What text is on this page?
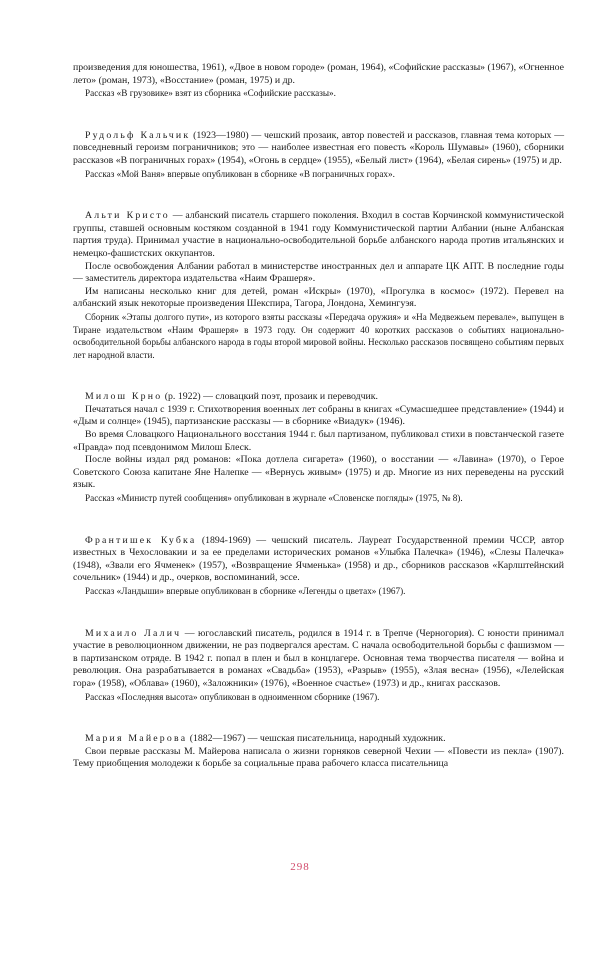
произведения для юношества, 1961), «Двое в новом городе» (роман, 1964), «Софийские рассказы» (1967), «Огненное лето» (роман, 1973), «Восстание» (роман, 1975) и др.

Рассказ «В грузовике» взят из сборника «Софийские рассказы».

Рудольф Кальчик (1923—1980) — чешский прозаик, автор повестей и рассказов, главная тема которых — повседневный героизм пограничников; это — наиболее известная его повесть «Король Шумавы» (1960), сборники рассказов «В пограничных горах» (1954), «Огонь в сердце» (1955), «Белый лист» (1964), «Белая сирень» (1975) и др.

Рассказ «Мой Ваня» впервые опубликован в сборнике «В пограничных горах».

Альти Кристо — албанский писатель старшего поколения. Входил в состав Корчинской коммунистической группы, ставшей основным костяком созданной в 1941 году Коммунистической партии Албании (ныне Албанская партия труда). Принимал участие в национально-освободительной борьбе албанского народа против итальянских и немецко-фашистских оккупантов.

После освобождения Албании работал в министерстве иностранных дел и аппарате ЦК АПТ. В последние годы — заместитель директора издательства «Наим Фрашеря».

Им написаны несколько книг для детей, роман «Искры» (1970), «Прогулка в космос» (1972). Перевел на албанский язык некоторые произведения Шекспира, Тагора, Лондона, Хемингуэя.

Сборник «Этапы долгого пути», из которого взяты рассказы «Передача оружия» и «На Медвежьем перевале», выпущен в Тиране издательством «Наим Фрашеря» в 1973 году. Он содержит 40 коротких рассказов о событиях национально-освободительной борьбы албанского народа в годы второй мировой войны. Несколько рассказов посвящено событиям первых лет народной власти.

Милош Крно (р. 1922) — словацкий поэт, прозаик и переводчик.

Печататься начал с 1939 г. Стихотворения военных лет собраны в книгах «Сумасшедшее представление» (1944) и «Дым и солнце» (1945), партизанские рассказы — в сборнике «Виадук» (1946).

Во время Словацкого Национального восстания 1944 г. был партизаном, публиковал стихи в повстанческой газете «Правда» под псевдонимом Милош Блеск.

После войны издал ряд романов: «Пока дотлела сигарета» (1960), о восстании — «Лавина» (1970), о Герое Советского Союза капитане Яне Налепке — «Вернусь живым» (1975) и др. Многие из них переведены на русский язык.

Рассказ «Министр путей сообщения» опубликован в журнале «Словенске погляды» (1975, № 8).

Франтишек Кубка (1894-1969) — чешский писатель. Лауреат Государственной премии ЧССР, автор известных в Чехословакии и за ее пределами исторических романов «Улыбка Палечка» (1946), «Слезы Палечка» (1948), «Звали его Ячменек» (1957), «Возвращение Ячменька» (1958) и др., сборников рассказов «Карлштейнский сочельник» (1944) и др., очерков, воспоминаний, эссе.

Рассказ «Ландыши» впервые опубликован в сборнике «Легенды о цветах» (1967).

Михаило Лалич — югославский писатель, родился в 1914 г. в Трепче (Черногория). С юности принимал участие в революционном движении, не раз подвергался арестам. С начала освободительной борьбы с фашизмом — в партизанском отряде. В 1942 г. попал в плен и был в концлагере. Основная тема творчества писателя — война и революция. Она разрабатывается в романах «Свадьба» (1953), «Разрыв» (1955), «Злая весна» (1956), «Лелейская гора» (1958), «Облава» (1960), «Заложники» (1976), «Военное счастье» (1973) и др., книгах рассказов.

Рассказ «Последняя высота» опубликован в одноименном сборнике (1967).

Мария Майерова (1882—1967) — чешская писательница, народный художник.

Свои первые рассказы М. Майерова написала о жизни горняков северной Чехии — «Повести из пекла» (1907). Тему приобщения молодежи к борьбе за социальные права рабочего класса писательница

298
